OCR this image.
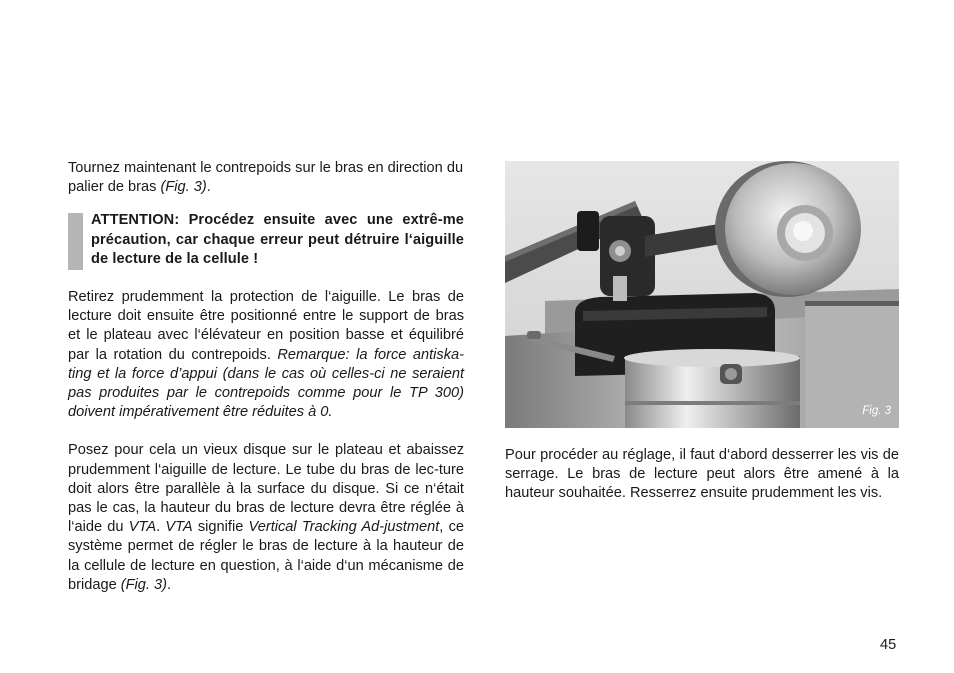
Tournez maintenant le contrepoids sur le bras en direction du palier de bras (Fig. 3).

ATTENTION: Procédez ensuite avec une extrê-me précaution, car chaque erreur peut détruire l‘aiguille de lecture de la cellule !

Retirez prudemment la protection de l‘aiguille. Le bras de lecture doit ensuite être positionné entre le support de bras et le plateau avec l‘élévateur en position basse et équilibré par la rotation du contrepoids. Remarque: la force antiska-ting et la force d’appui (dans le cas où celles-ci ne seraient pas produites par le contrepoids comme pour le TP 300) doivent impérativement être réduites à 0.

Posez pour cela un vieux disque sur le plateau et abaissez prudemment l‘aiguille de lecture. Le tube du bras de lec-ture doit alors être parallèle à la surface du disque. Si ce n‘était pas le cas, la hauteur du bras de lecture devra être réglée à l‘aide du VTA. VTA signifie Vertical Tracking Ad-justment, ce système permet de régler le bras de lecture à la hauteur de la cellule de lecture en question, à l‘aide d‘un mécanisme de bridage (Fig. 3).

Fig. 3

Pour procéder au réglage, il faut d‘abord desserrer les vis de serrage. Le bras de lecture peut alors être amené à la hauteur souhaitée. Resserrez ensuite prudemment les vis.

45
